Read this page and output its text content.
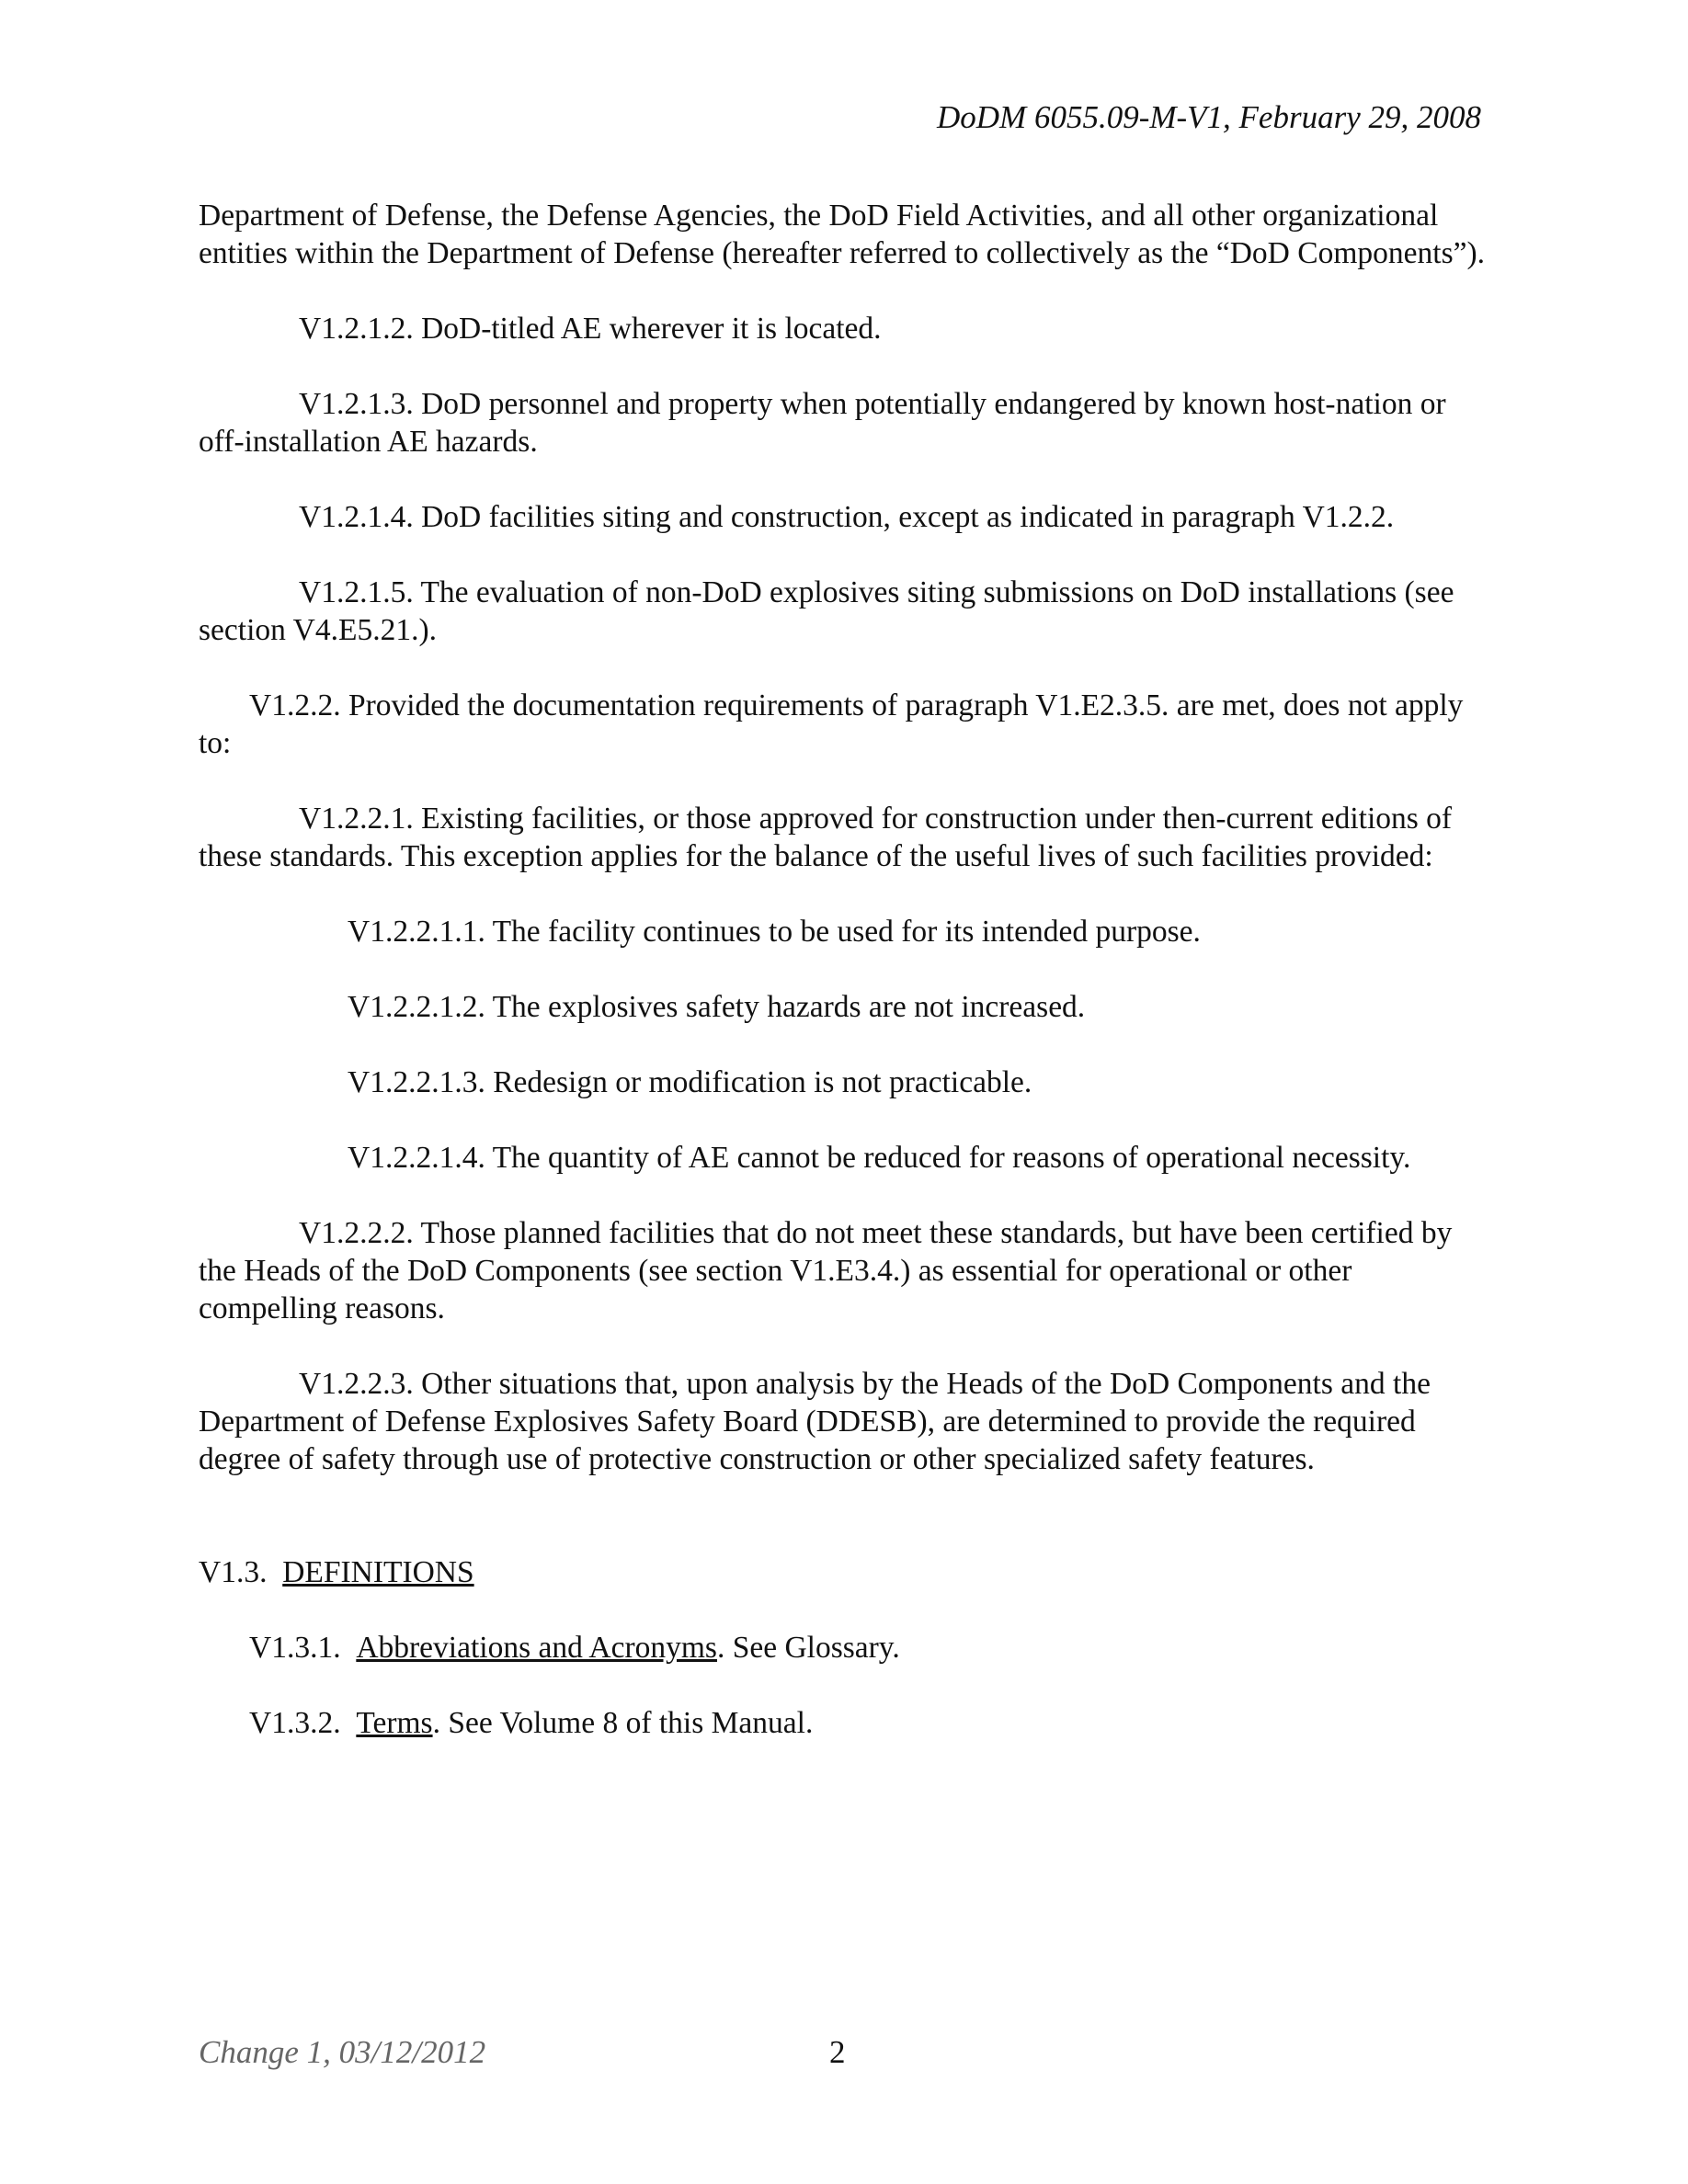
DoDM 6055.09-M-V1, February 29, 2008

Department of Defense, the Defense Agencies, the DoD Field Activities, and all other organizational entities within the Department of Defense (hereafter referred to collectively as the “DoD Components”).

V1.2.1.2. DoD-titled AE wherever it is located.

V1.2.1.3. DoD personnel and property when potentially endangered by known host-nation or off-installation AE hazards.

V1.2.1.4. DoD facilities siting and construction, except as indicated in paragraph V1.2.2.

V1.2.1.5. The evaluation of non-DoD explosives siting submissions on DoD installations (see section V4.E5.21.).

V1.2.2. Provided the documentation requirements of paragraph V1.E2.3.5. are met, does not apply to:

V1.2.2.1. Existing facilities, or those approved for construction under then-current editions of these standards. This exception applies for the balance of the useful lives of such facilities provided:

V1.2.2.1.1. The facility continues to be used for its intended purpose.

V1.2.2.1.2. The explosives safety hazards are not increased.

V1.2.2.1.3. Redesign or modification is not practicable.

V1.2.2.1.4. The quantity of AE cannot be reduced for reasons of operational necessity.

V1.2.2.2. Those planned facilities that do not meet these standards, but have been certified by the Heads of the DoD Components (see section V1.E3.4.) as essential for operational or other compelling reasons.

V1.2.2.3. Other situations that, upon analysis by the Heads of the DoD Components and the Department of Defense Explosives Safety Board (DDESB), are determined to provide the required degree of safety through use of protective construction or other specialized safety features.

V1.3. DEFINITIONS

V1.3.1. Abbreviations and Acronyms. See Glossary.

V1.3.2. Terms. See Volume 8 of this Manual.

Change 1, 03/12/2012	2
